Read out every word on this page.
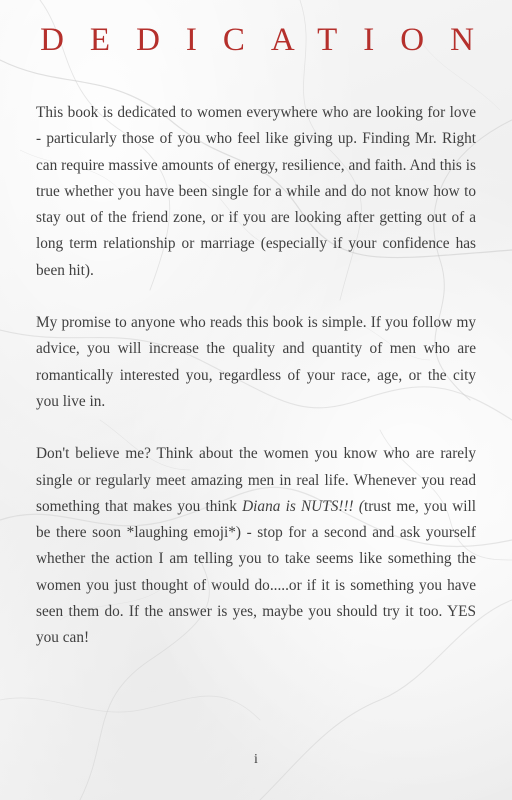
DEDICATION

This book is dedicated to women everywhere who are looking for love - particularly those of you who feel like giving up. Finding Mr. Right can require massive amounts of energy, resilience, and faith. And this is true whether you have been single for a while and do not know how to stay out of the friend zone, or if you are looking after getting out of a long term relationship or marriage (especially if your confidence has been hit).

My promise to anyone who reads this book is simple. If you follow my advice, you will increase the quality and quantity of men who are romantically interested you, regardless of your race, age, or the city you live in.

Don't believe me? Think about the women you know who are rarely single or regularly meet amazing men in real life. Whenever you read something that makes you think Diana is NUTS!!! (trust me, you will be there soon *laughing emoji*) - stop for a second and ask yourself whether the action I am telling you to take seems like something the women you just thought of would do.....or if it is something you have seen them do. If the answer is yes, maybe you should try it too. YES you can!

i
